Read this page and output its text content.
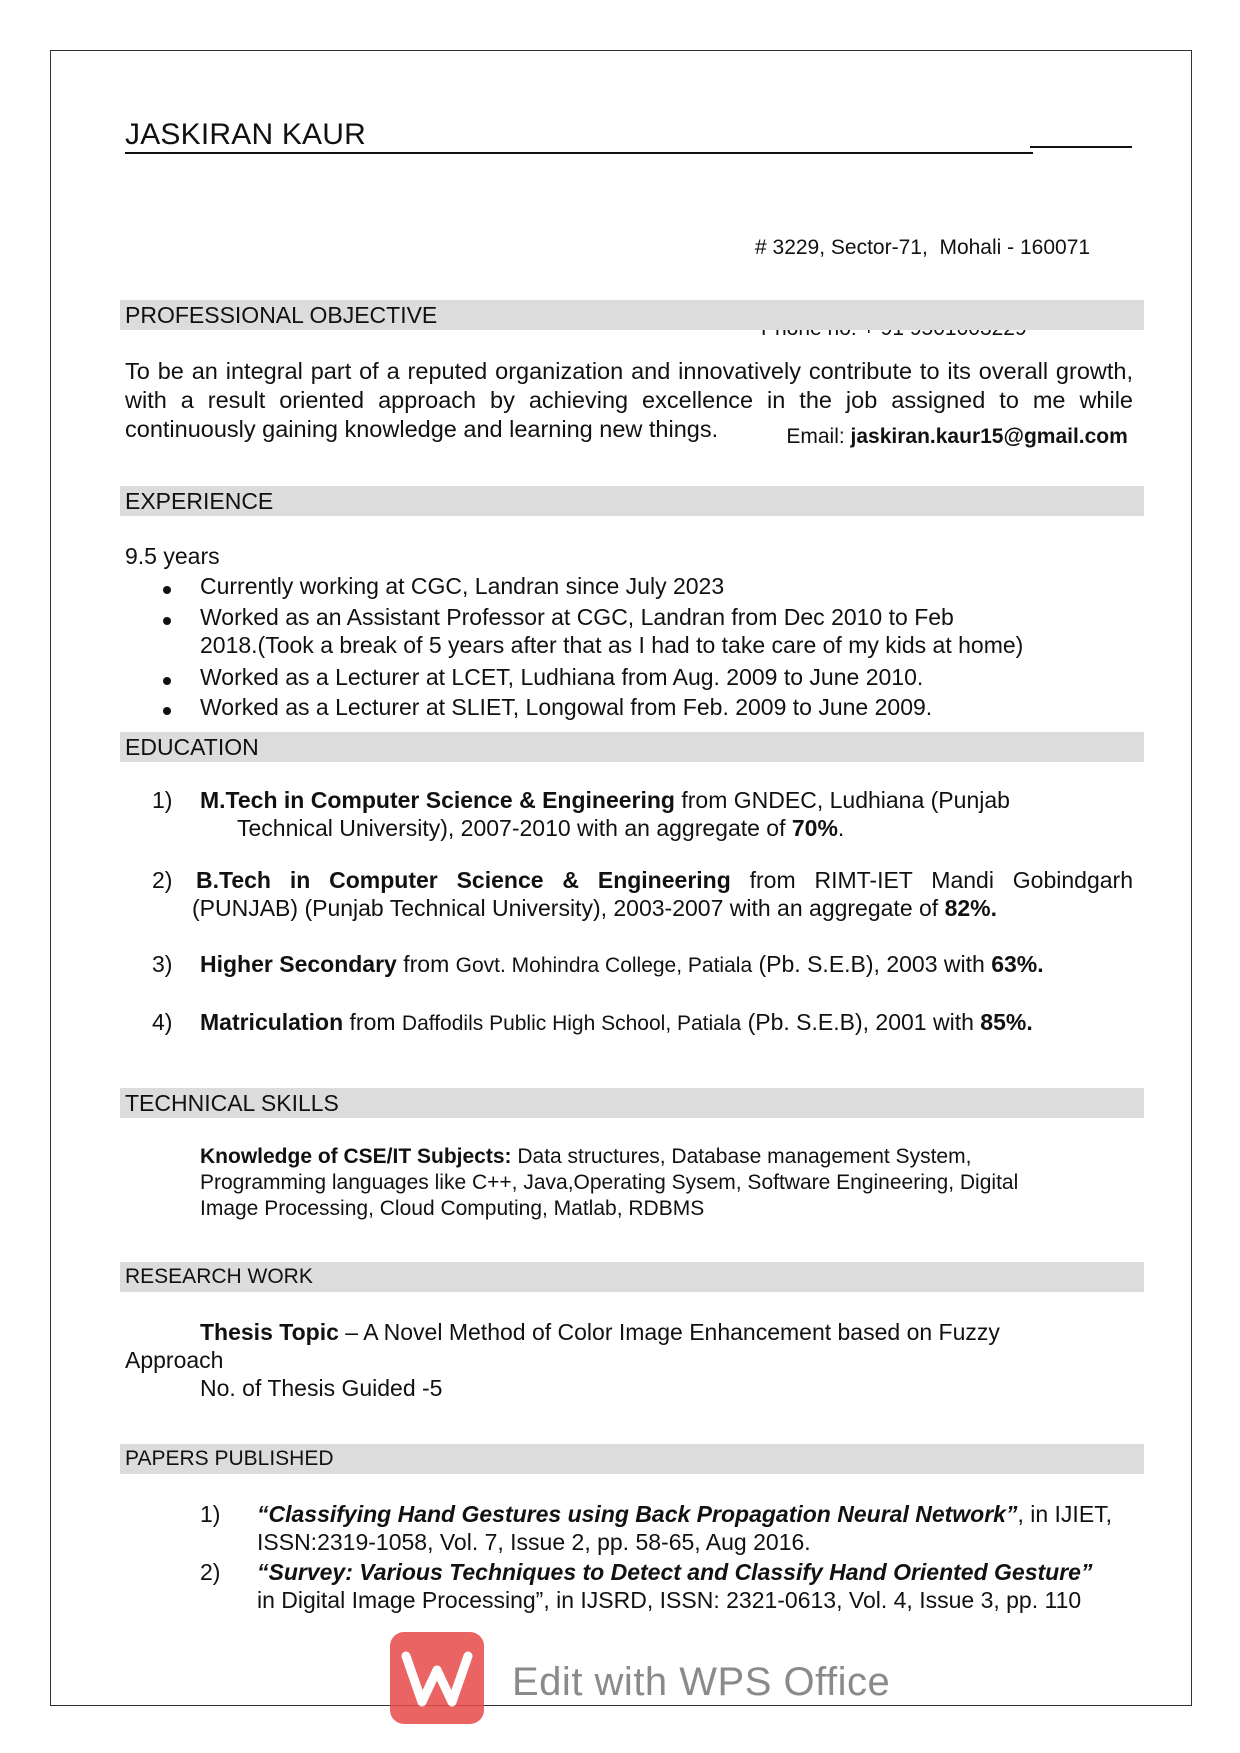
JASKIRAN KAUR

# 3229, Sector-71,  Mohali - 160071

Email: jaskiran.kaur15@gmail.com

PROFESSIONAL OBJECTIVE
To be an integral part of a reputed organization and innovatively contribute to its overall growth, with a result oriented approach by achieving excellence in the job assigned to me while continuously gaining knowledge and learning new things.
EXPERIENCE
9.5 years
Currently working at CGC, Landran since July 2023
Worked as an Assistant Professor at CGC, Landran from Dec 2010 to Feb
2018.(Took a break of 5 years after that as I had to take care of my kids at home)
Worked as a Lecturer at LCET, Ludhiana from Aug. 2009 to June 2010.
Worked as a Lecturer at SLIET, Longowal from Feb. 2009 to June 2009.
EDUCATION
1) M.Tech in Computer Science & Engineering from GNDEC, Ludhiana (Punjab
Technical University), 2007-2010 with an aggregate of 70%.
2) B.Tech in Computer Science & Engineering from RIMT-IET Mandi Gobindgarh
(PUNJAB) (Punjab Technical University), 2003-2007 with an aggregate of 82%.
3) Higher Secondary from Govt. Mohindra College, Patiala (Pb. S.E.B), 2003 with 63%.
4) Matriculation from Daffodils Public High School, Patiala (Pb. S.E.B), 2001 with 85%.
TECHNICAL SKILLS
Knowledge of CSE/IT Subjects: Data structures, Database management System,
Programming languages like C++, Java,Operating Sysem, Software Engineering, Digital
Image Processing, Cloud Computing, Matlab, RDBMS
RESEARCH WORK
Thesis Topic – A Novel Method of Color Image Enhancement based on Fuzzy
Approach
No. of Thesis Guided -5
PAPERS PUBLISHED
1) “Classifying Hand Gestures using Back Propagation Neural Network”, in IJIET,
ISSN:2319-1058, Vol. 7, Issue 2, pp. 58-65, Aug 2016.
2) “Survey: Various Techniques to Detect and Classify Hand Oriented Gesture”
in Digital Image Processing”, in IJSRD, ISSN: 2321-0613, Vol. 4, Issue 3, pp. 110
Edit with WPS Office
